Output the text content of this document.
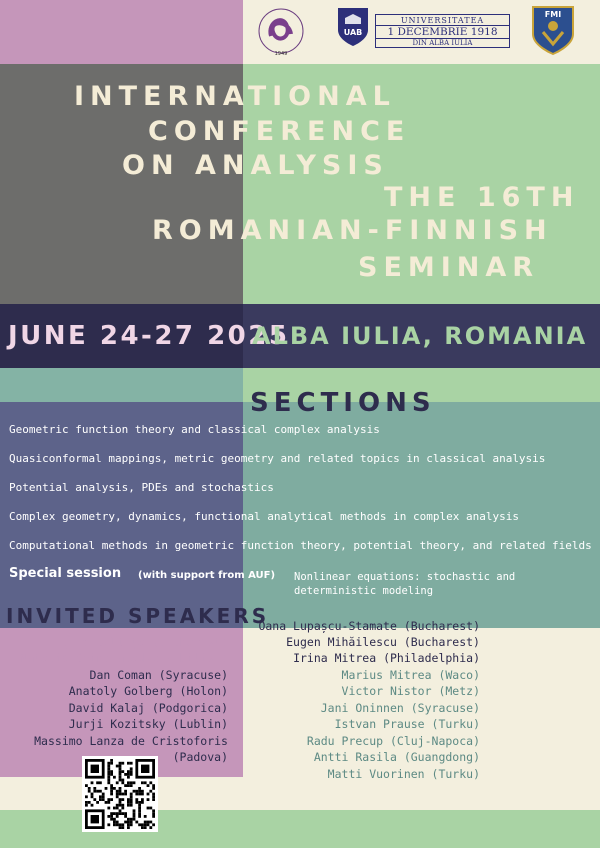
1949
UAB
UNIVERSITATEA
1 DECEMBRIE 1918
DIN ALBA IULIA
FMI
INTERNATIONAL
CONFERENCE
ON ANALYSIS
THE 16TH
ROMANIAN-FINNISH
SEMINAR
JUNE 24-27 2025
ALBA IULIA, ROMANIA
SECTIONS
Geometric function theory and classical complex analysis
Quasiconformal mappings, metric geometry and related topics in classical analysis
Potential analysis, PDEs and stochastics
Complex geometry, dynamics, functional analytical methods in complex analysis
Computational methods in geometric function theory, potential theory, and related fields
Special session (with support from AUF) Nonlinear equations: stochastic and
deterministic modeling
INVITED SPEAKERS
Ingrid Beltiță (Bucharest)
Natalia Chinchaladze (Tbilisi)
Dan Coman (Syracuse)
Anatoly Golberg (Holon)
David Kalaj (Podgorica)
Jurji Kozitsky (Lublin)
Massimo Lanza de Cristoforis
(Padova)
Oana Lupașcu-Stamate (Bucharest)
Eugen Mihăilescu (Bucharest)
Irina Mitrea (Philadelphia)
Marius Mitrea (Waco)
Victor Nistor (Metz)
Jani Oninnen (Syracuse)
Istvan Prause (Turku)
Radu Precup (Cluj-Napoca)
Antti Rasila (Guangdong)
Matti Vuorinen (Turku)
